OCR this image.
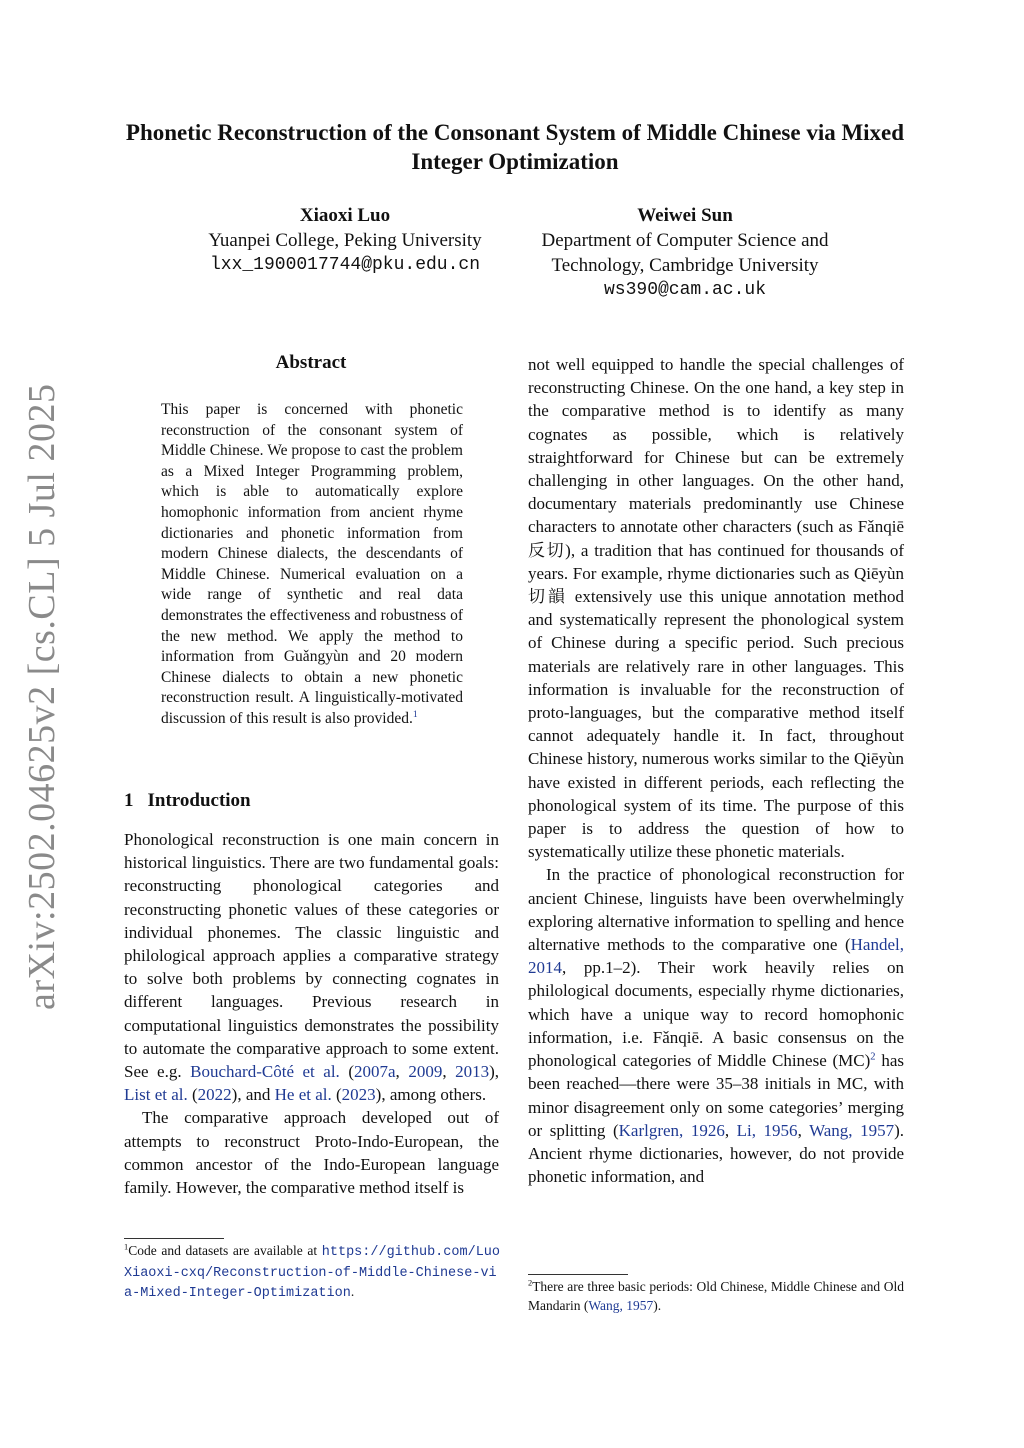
arXiv:2502.04625v2 [cs.CL] 5 Jul 2025
Phonetic Reconstruction of the Consonant System of Middle Chinese via Mixed Integer Optimization
Xiaoxi Luo
Yuanpei College, Peking University
lxx_1900017744@pku.edu.cn
Weiwei Sun
Department of Computer Science and
Technology, Cambridge University
ws390@cam.ac.uk
Abstract

This paper is concerned with phonetic reconstruction of the consonant system of Middle Chinese. We propose to cast the problem as a Mixed Integer Programming problem, which is able to automatically explore homophonic information from ancient rhyme dictionaries and phonetic information from modern Chinese dialects, the descendants of Middle Chinese. Numerical evaluation on a wide range of synthetic and real data demonstrates the effectiveness and robustness of the new method. We apply the method to information from Guǎngyùn and 20 modern Chinese dialects to obtain a new phonetic reconstruction result. A linguistically-motivated discussion of this result is also provided.$^1$

1 Introduction

Phonological reconstruction is one main concern in historical linguistics. There are two fundamental goals: reconstructing phonological categories and reconstructing phonetic values of these categories or individual phonemes. The classic linguistic and philological approach applies a comparative strategy to solve both problems by connecting cognates in different languages. Previous research in computational linguistics demonstrates the possibility to automate the comparative approach to some extent. See e.g. Bouchard-Côté et al. (2007a, 2009, 2013), List et al. (2022), and He et al. (2023), among others.

The comparative approach developed out of attempts to reconstruct Proto-Indo-European, the common ancestor of the Indo-European language family. However, the comparative method itself is

$^1$Code and datasets are available at https://github.com/LuoXiaoxi-cxq/Reconstruction-of-Middle-Chinese-via-Mixed-Integer-Optimization.

not well equipped to handle the special challenges of reconstructing Chinese. On the one hand, a key step in the comparative method is to identify as many cognates as possible, which is relatively straightforward for Chinese but can be extremely challenging in other languages. On the other hand, documentary materials predominantly use Chinese characters to annotate other characters (such as Fǎnqiē 反切), a tradition that has continued for thousands of years. For example, rhyme dictionaries such as Qiēyùn 切韻 extensively use this unique annotation method and systematically represent the phonological system of Chinese during a specific period. Such precious materials are relatively rare in other languages. This information is invaluable for the reconstruction of proto-languages, but the comparative method itself cannot adequately handle it. In fact, throughout Chinese history, numerous works similar to the Qiēyùn have existed in different periods, each reflecting the phonological system of its time. The purpose of this paper is to address the question of how to systematically utilize these phonetic materials.

In the practice of phonological reconstruction for ancient Chinese, linguists have been overwhelmingly exploring alternative information to spelling and hence alternative methods to the comparative one (Handel, 2014, pp.1–2). Their work heavily relies on philological documents, especially rhyme dictionaries, which have a unique way to record homophonic information, i.e. Fǎnqiē. A basic consensus on the phonological categories of Middle Chinese (MC)$^2$ has been reached—there were 35–38 initials in MC, with minor disagreement only on some categories’ merging or splitting (Karlgren, 1926, Li, 1956, Wang, 1957). Ancient rhyme dictionaries, however, do not provide phonetic information, and

$^2$There are three basic periods: Old Chinese, Middle Chinese and Old Mandarin (Wang, 1957).
